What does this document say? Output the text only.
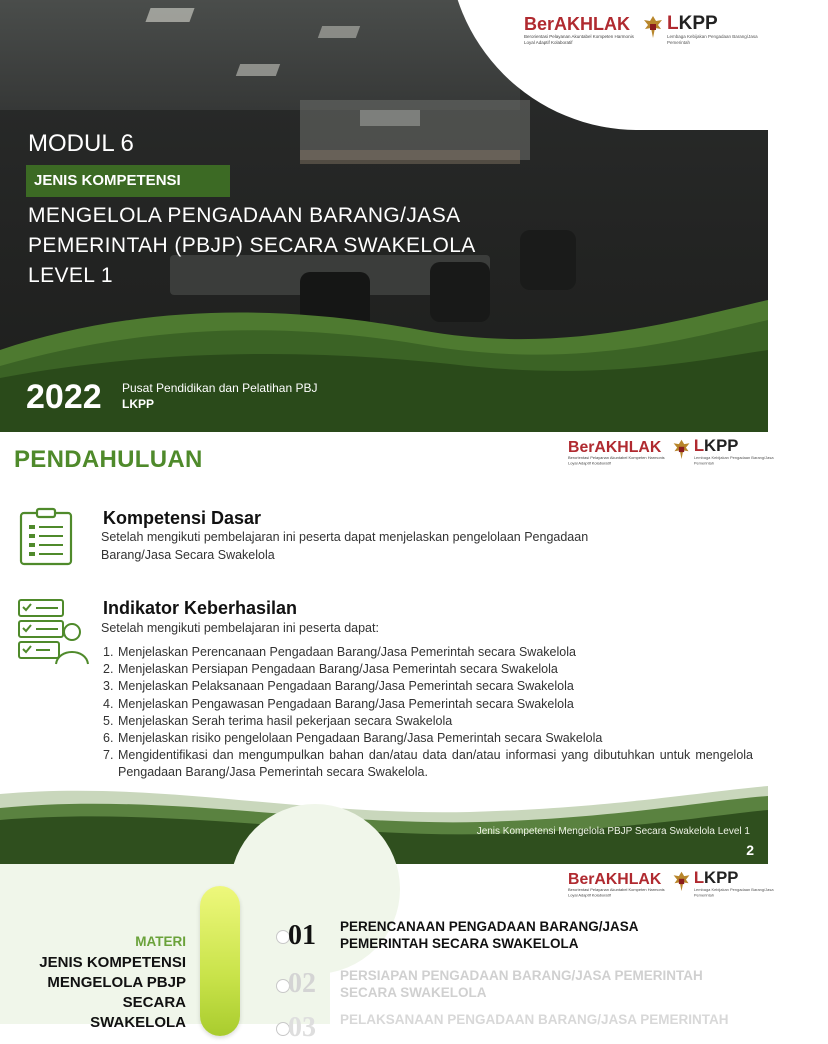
BerAKHLAK
Berorientasi Pelayanan Akuntabel Kompeten Harmonis Loyal Adaptif Kolaboratif
LKPP
Lembaga Kebijakan Pengadaan Barang/Jasa Pemerintah
MODUL 6
JENIS KOMPETENSI
MENGELOLA PENGADAAN BARANG/JASA
PEMERINTAH (PBJP) SECARA SWAKELOLA
LEVEL 1
2022 Pusat Pendidikan dan Pelatihan PBJ
LKPP
PENDAHULUAN	BerAKHLAK
Berorientasi Pelayanan Akuntabel Kompeten Harmonis Loyal Adaptif Kolaboratif
LKPP
Lembaga Kebijakan Pengadaan Barang/Jasa Pemerintah
Kompetensi Dasar
Setelah mengikuti pembelajaran ini peserta dapat menjelaskan pengelolaan Pengadaan
Barang/Jasa Secara Swakelola
Indikator Keberhasilan
Setelah mengikuti pembelajaran ini peserta dapat:
1. Menjelaskan Perencanaan Pengadaan Barang/Jasa Pemerintah secara Swakelola
2. Menjelaskan Persiapan Pengadaan Barang/Jasa Pemerintah secara Swakelola
3. Menjelaskan Pelaksanaan Pengadaan Barang/Jasa Pemerintah secara Swakelola
4. Menjelaskan Pengawasan Pengadaan Barang/Jasa Pemerintah secara Swakelola
5. Menjelaskan Serah terima hasil pekerjaan secara Swakelola
6. Menjelaskan risiko pengelolaan Pengadaan Barang/Jasa Pemerintah secara Swakelola
7. Mengidentifikasi dan mengumpulkan bahan dan/atau data dan/atau informasi yang dibutuhkan untuk mengelola Pengadaan Barang/Jasa Pemerintah secara Swakelola.
Jenis Kompetensi Mengelola PBJP Secara Swakelola Level 1
2
BerAKHLAK
Berorientasi Pelayanan Akuntabel Kompeten Harmonis Loyal Adaptif Kolaboratif
LKPP
Lembaga Kebijakan Pengadaan Barang/Jasa Pemerintah
MATERI
JENIS KOMPETENSI
MENGELOLA PBJP
SECARA
SWAKELOLA
01 PERENCANAAN PENGADAAN BARANG/JASA
PEMERINTAH SECARA SWAKELOLA
02 PERSIAPAN PENGADAAN BARANG/JASA PEMERINTAH
SECARA SWAKELOLA
03 PELAKSANAAN PENGADAAN BARANG/JASA PEMERINTAH
